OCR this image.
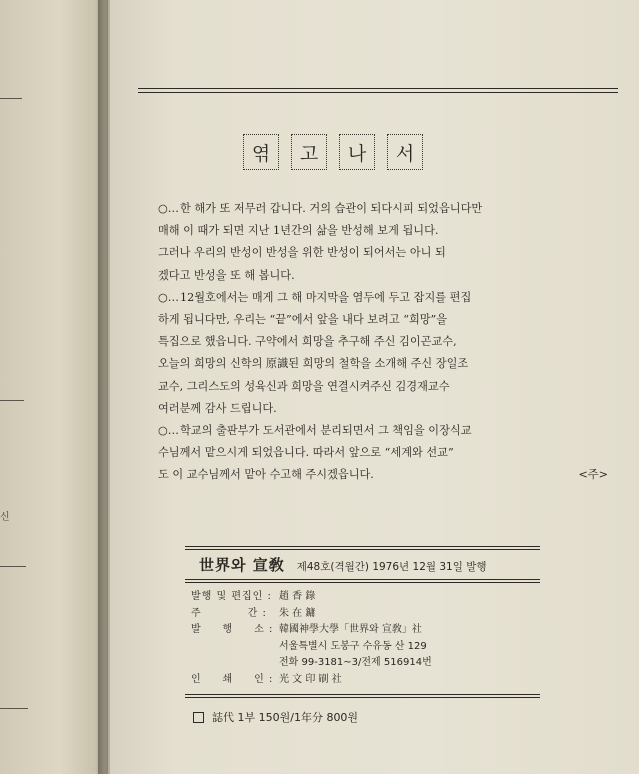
신
엮	고	나	서
○… 한 해가 또 저무러 갑니다. 거의 습관이 되다시피 되었읍니다만
매해 이 때가 되면 지난 1년간의 삶을 반성해 보게 됩니다.
그러나 우리의 반성이 반성을 위한 반성이 되어서는 아니 되
겠다고 반성을 또 해 봅니다.
○… 12월호에서는 매게 그 해 마지막을 염두에 두고 잡지를 편집
하게 됩니다만, 우리는 “끝”에서 앞을 내다 보려고 “희망”을
특집으로 했읍니다. 구약에서 희망을 추구해 주신 김이곤교수,
오늘의 희망의 신학의 原識된 희망의 철학을 소개해 주신 장일조
교수, 그리스도의 성육신과 희망을 연결시켜주신 김경재교수
여러분께 감사 드립니다.
○… 학교의 출판부가 도서관에서 분리되면서 그 책임을 이장식교
수님께서 맡으시게 되었읍니다. 따라서 앞으로 “세계와 선교”
도 이 교수님께서 맡아 수고해 주시겠읍니다.	<주>
世界와 宣敎 제48호(격월간) 1976년 12월 31일 발행
발행 및 편집인 : 趙 香 錄
주           간 :	朱 在 鏞
발     행     소 : 韓國神學大學「世界와 宣敎」社
서울특별시 도봉구 수유동 산 129
전화 99-3181~3/전제 516914번
인     쇄     인 : 光 文 印 刷 社
誌代 1부 150원/1年分 800원
